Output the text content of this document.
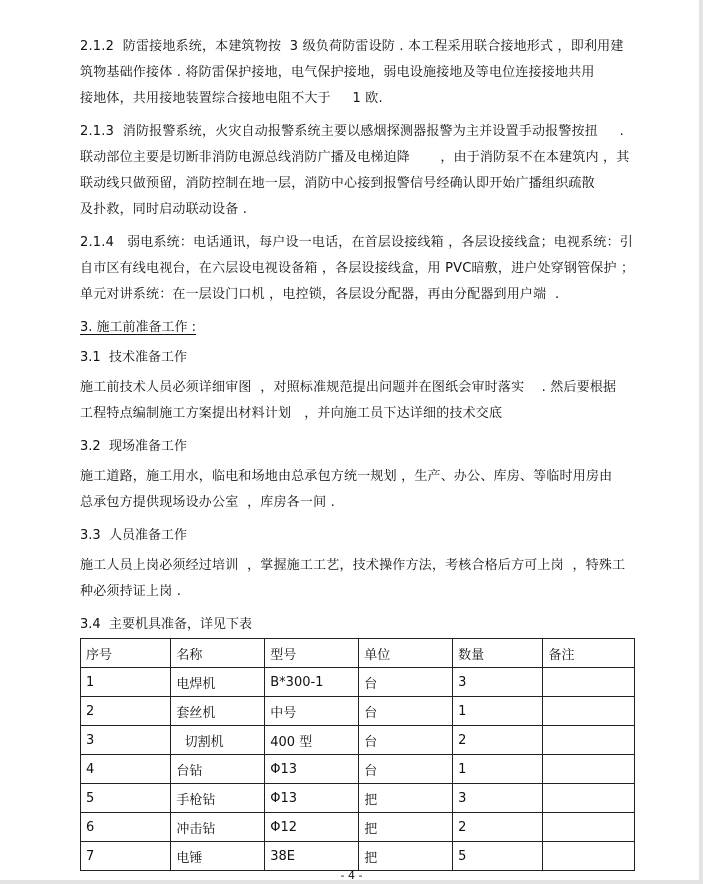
2.1.2  防雷接地系统，本建筑物按  3 级负荷防雷设防 . 本工程采用联合接地形式 ，即利用建
筑物基础作接体 . 将防雷保护接地，电气保护接地，弱电设施接地及等电位连接接地共用
接地体，共用接地装置综合接地电阻不大于     1 欧.
2.1.3  消防报警系统，火灾自动报警系统主要以感烟探测器报警为主并设置手动报警按扭     .
联动部位主要是切断非消防电源总线消防广播及电梯迫降       ，由于消防泵不在本建筑内 ，其
联动线只做预留，消防控制在地一层，消防中心接到报警信号经确认即开始广播组织疏散
及扑救，同时启动联动设备 .
2.1.4   弱电系统：电话通讯，每户设一电话，在首层设接线箱 ，各层设接线盒；电视系统：引
自市区有线电视台，在六层设电视设备箱 ，各层设接线盒，用 PVC暗敷，进户处穿钢管保护 ；
单元对讲系统：在一层设门口机 ，电控锁，各层设分配器，再由分配器到用户端  .
3. 施工前准备工作 :
3.1  技术准备工作
施工前技术人员必须详细审图  ，对照标准规范提出问题并在图纸会审时落实    . 然后要根据
工程特点编制施工方案提出材料计划   ，并向施工员下达详细的技术交底
3.2  现场准备工作
施工道路，施工用水，临电和场地由总承包方统一规划 ，生产、办公、库房、等临时用房由
总承包方提供现场设办公室  ，库房各一间 .
3.3  人员准备工作
施工人员上岗必须经过培训  ，掌握施工工艺，技术操作方法，考核合格后方可上岗  ，特殊工
种必须持证上岗 .
3.4  主要机具准备，详见下表
序号	名称	型号	单位	数量	备注
1	电焊机	B*300-1	台	3	
2	套丝机	中号	台	1	
3	切割机	400 型	台	2	
4	台钻	Φ13	台	1	
5	手枪钻	Φ13	把	3	
6	冲击钻	Φ12	把	2	
7	电锤	38E	把	5	
- 4 -
